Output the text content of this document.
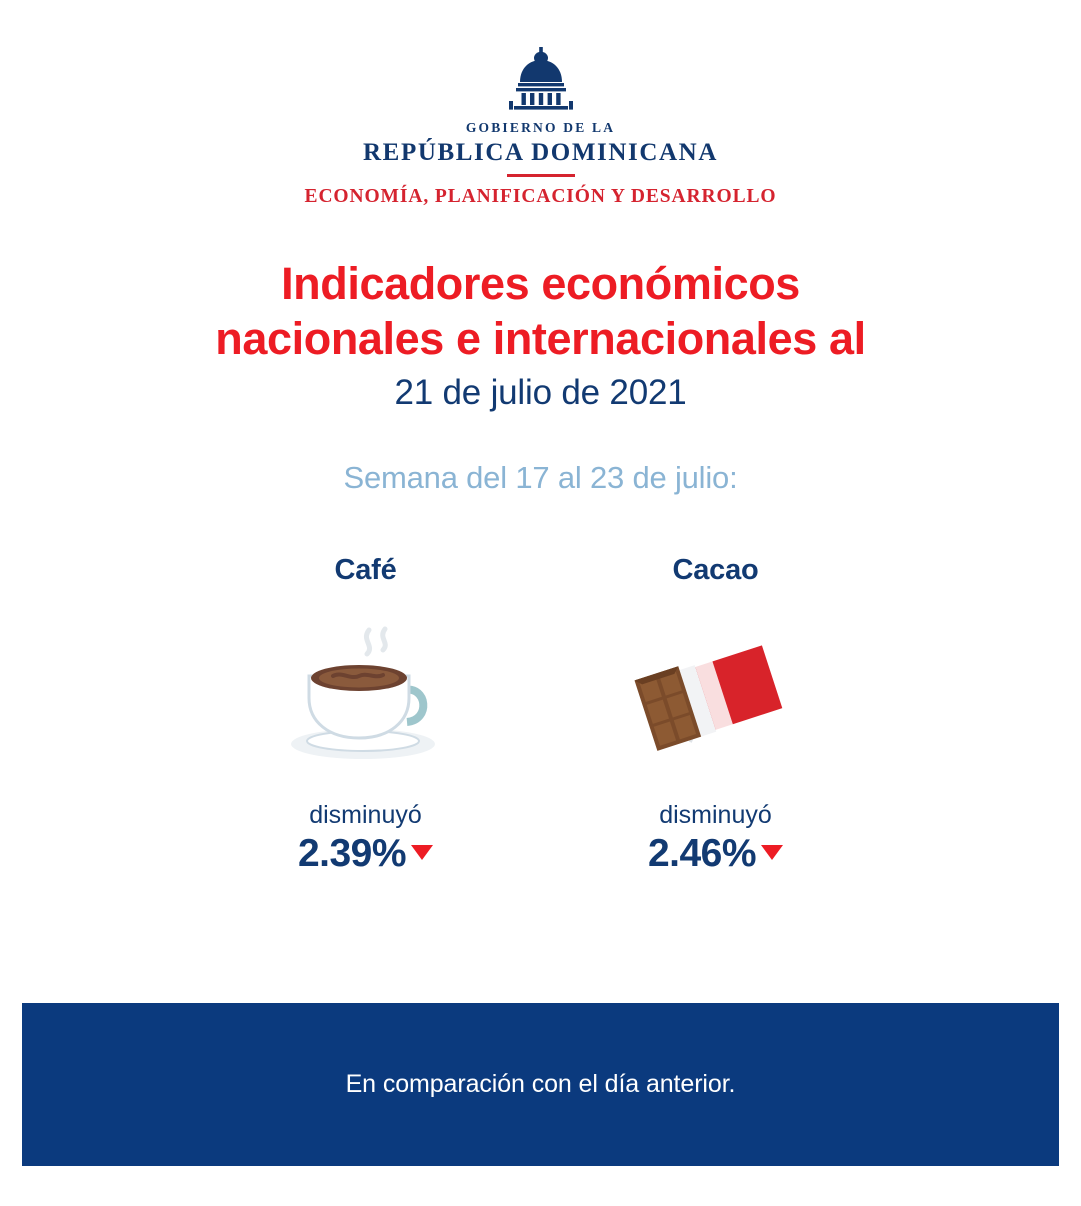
GOBIERNO DE LA
REPÚBLICA DOMINICANA
ECONOMÍA, PLANIFICACIÓN Y DESARROLLO
Indicadores económicos
nacionales e internacionales al
21 de julio de 2021
Semana del 17 al 23 de julio:
Café
disminuyó
2.39%
Cacao
disminuyó
2.46%
En comparación con el día anterior.
